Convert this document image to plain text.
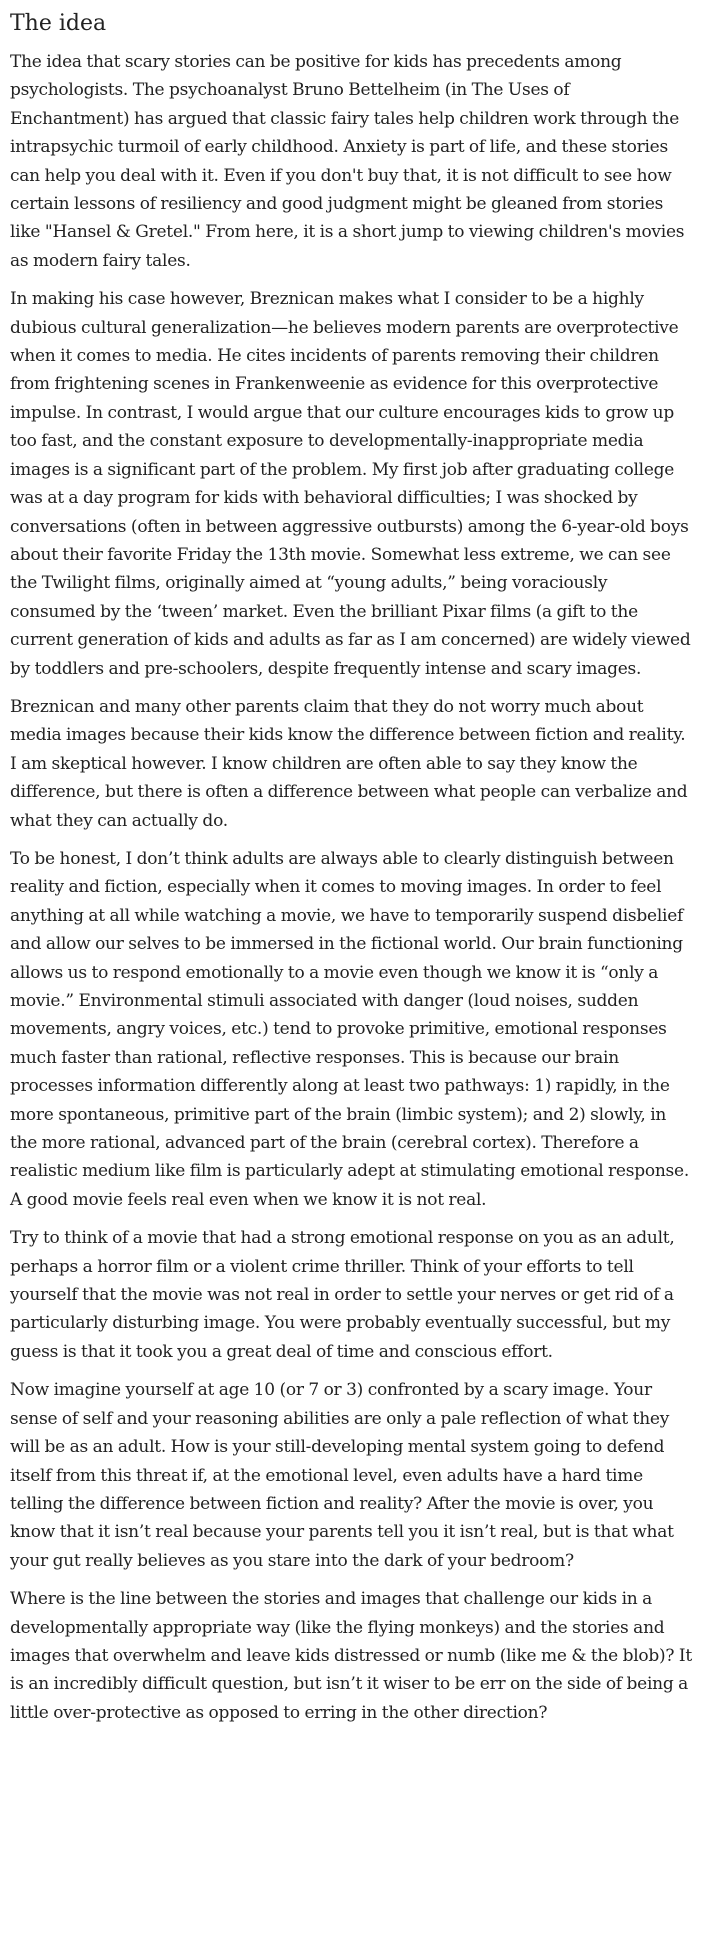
The idea

The idea that scary stories can be positive for kids has precedents among psychologists. The psychoanalyst Bruno Bettelheim (in The Uses of Enchantment) has argued that classic fairy tales help children work through the intrapsychic turmoil of early childhood. Anxiety is part of life, and these stories can help you deal with it. Even if you don't buy that, it is not difficult to see how certain lessons of resiliency and good judgment might be gleaned from stories like "Hansel & Gretel." From here, it is a short jump to viewing children's movies as modern fairy tales.

In making his case however, Breznican makes what I consider to be a highly dubious cultural generalization—he believes modern parents are overprotective when it comes to media. He cites incidents of parents removing their children from frightening scenes in Frankenweenie as evidence for this overprotective impulse. In contrast, I would argue that our culture encourages kids to grow up too fast, and the constant exposure to developmentally-inappropriate media images is a significant part of the problem. My first job after graduating college was at a day program for kids with behavioral difficulties; I was shocked by conversations (often in between aggressive outbursts) among the 6-year-old boys about their favorite Friday the 13th movie. Somewhat less extreme, we can see the Twilight films, originally aimed at “young adults,” being voraciously consumed by the ‘tween’ market. Even the brilliant Pixar films (a gift to the current generation of kids and adults as far as I am concerned) are widely viewed by toddlers and pre-schoolers, despite frequently intense and scary images.

Breznican and many other parents claim that they do not worry much about media images because their kids know the difference between fiction and reality. I am skeptical however. I know children are often able to say they know the difference, but there is often a difference between what people can verbalize and what they can actually do.

To be honest, I don’t think adults are always able to clearly distinguish between reality and fiction, especially when it comes to moving images. In order to feel anything at all while watching a movie, we have to temporarily suspend disbelief and allow our selves to be immersed in the fictional world. Our brain functioning allows us to respond emotionally to a movie even though we know it is “only a movie.” Environmental stimuli associated with danger (loud noises, sudden movements, angry voices, etc.) tend to provoke primitive, emotional responses much faster than rational, reflective responses. This is because our brain processes information differently along at least two pathways: 1) rapidly, in the more spontaneous, primitive part of the brain (limbic system); and 2) slowly, in the more rational, advanced part of the brain (cerebral cortex). Therefore a realistic medium like film is particularly adept at stimulating emotional response. A good movie feels real even when we know it is not real.

Try to think of a movie that had a strong emotional response on you as an adult, perhaps a horror film or a violent crime thriller. Think of your efforts to tell yourself that the movie was not real in order to settle your nerves or get rid of a particularly disturbing image. You were probably eventually successful, but my guess is that it took you a great deal of time and conscious effort.

Now imagine yourself at age 10 (or 7 or 3) confronted by a scary image. Your sense of self and your reasoning abilities are only a pale reflection of what they will be as an adult. How is your still-developing mental system going to defend itself from this threat if, at the emotional level, even adults have a hard time telling the difference between fiction and reality? After the movie is over, you know that it isn’t real because your parents tell you it isn’t real, but is that what your gut really believes as you stare into the dark of your bedroom?

Where is the line between the stories and images that challenge our kids in a developmentally appropriate way (like the flying monkeys) and the stories and images that overwhelm and leave kids distressed or numb (like me & the blob)? It is an incredibly difficult question, but isn’t it wiser to be err on the side of being a little over-protective as opposed to erring in the other direction?
